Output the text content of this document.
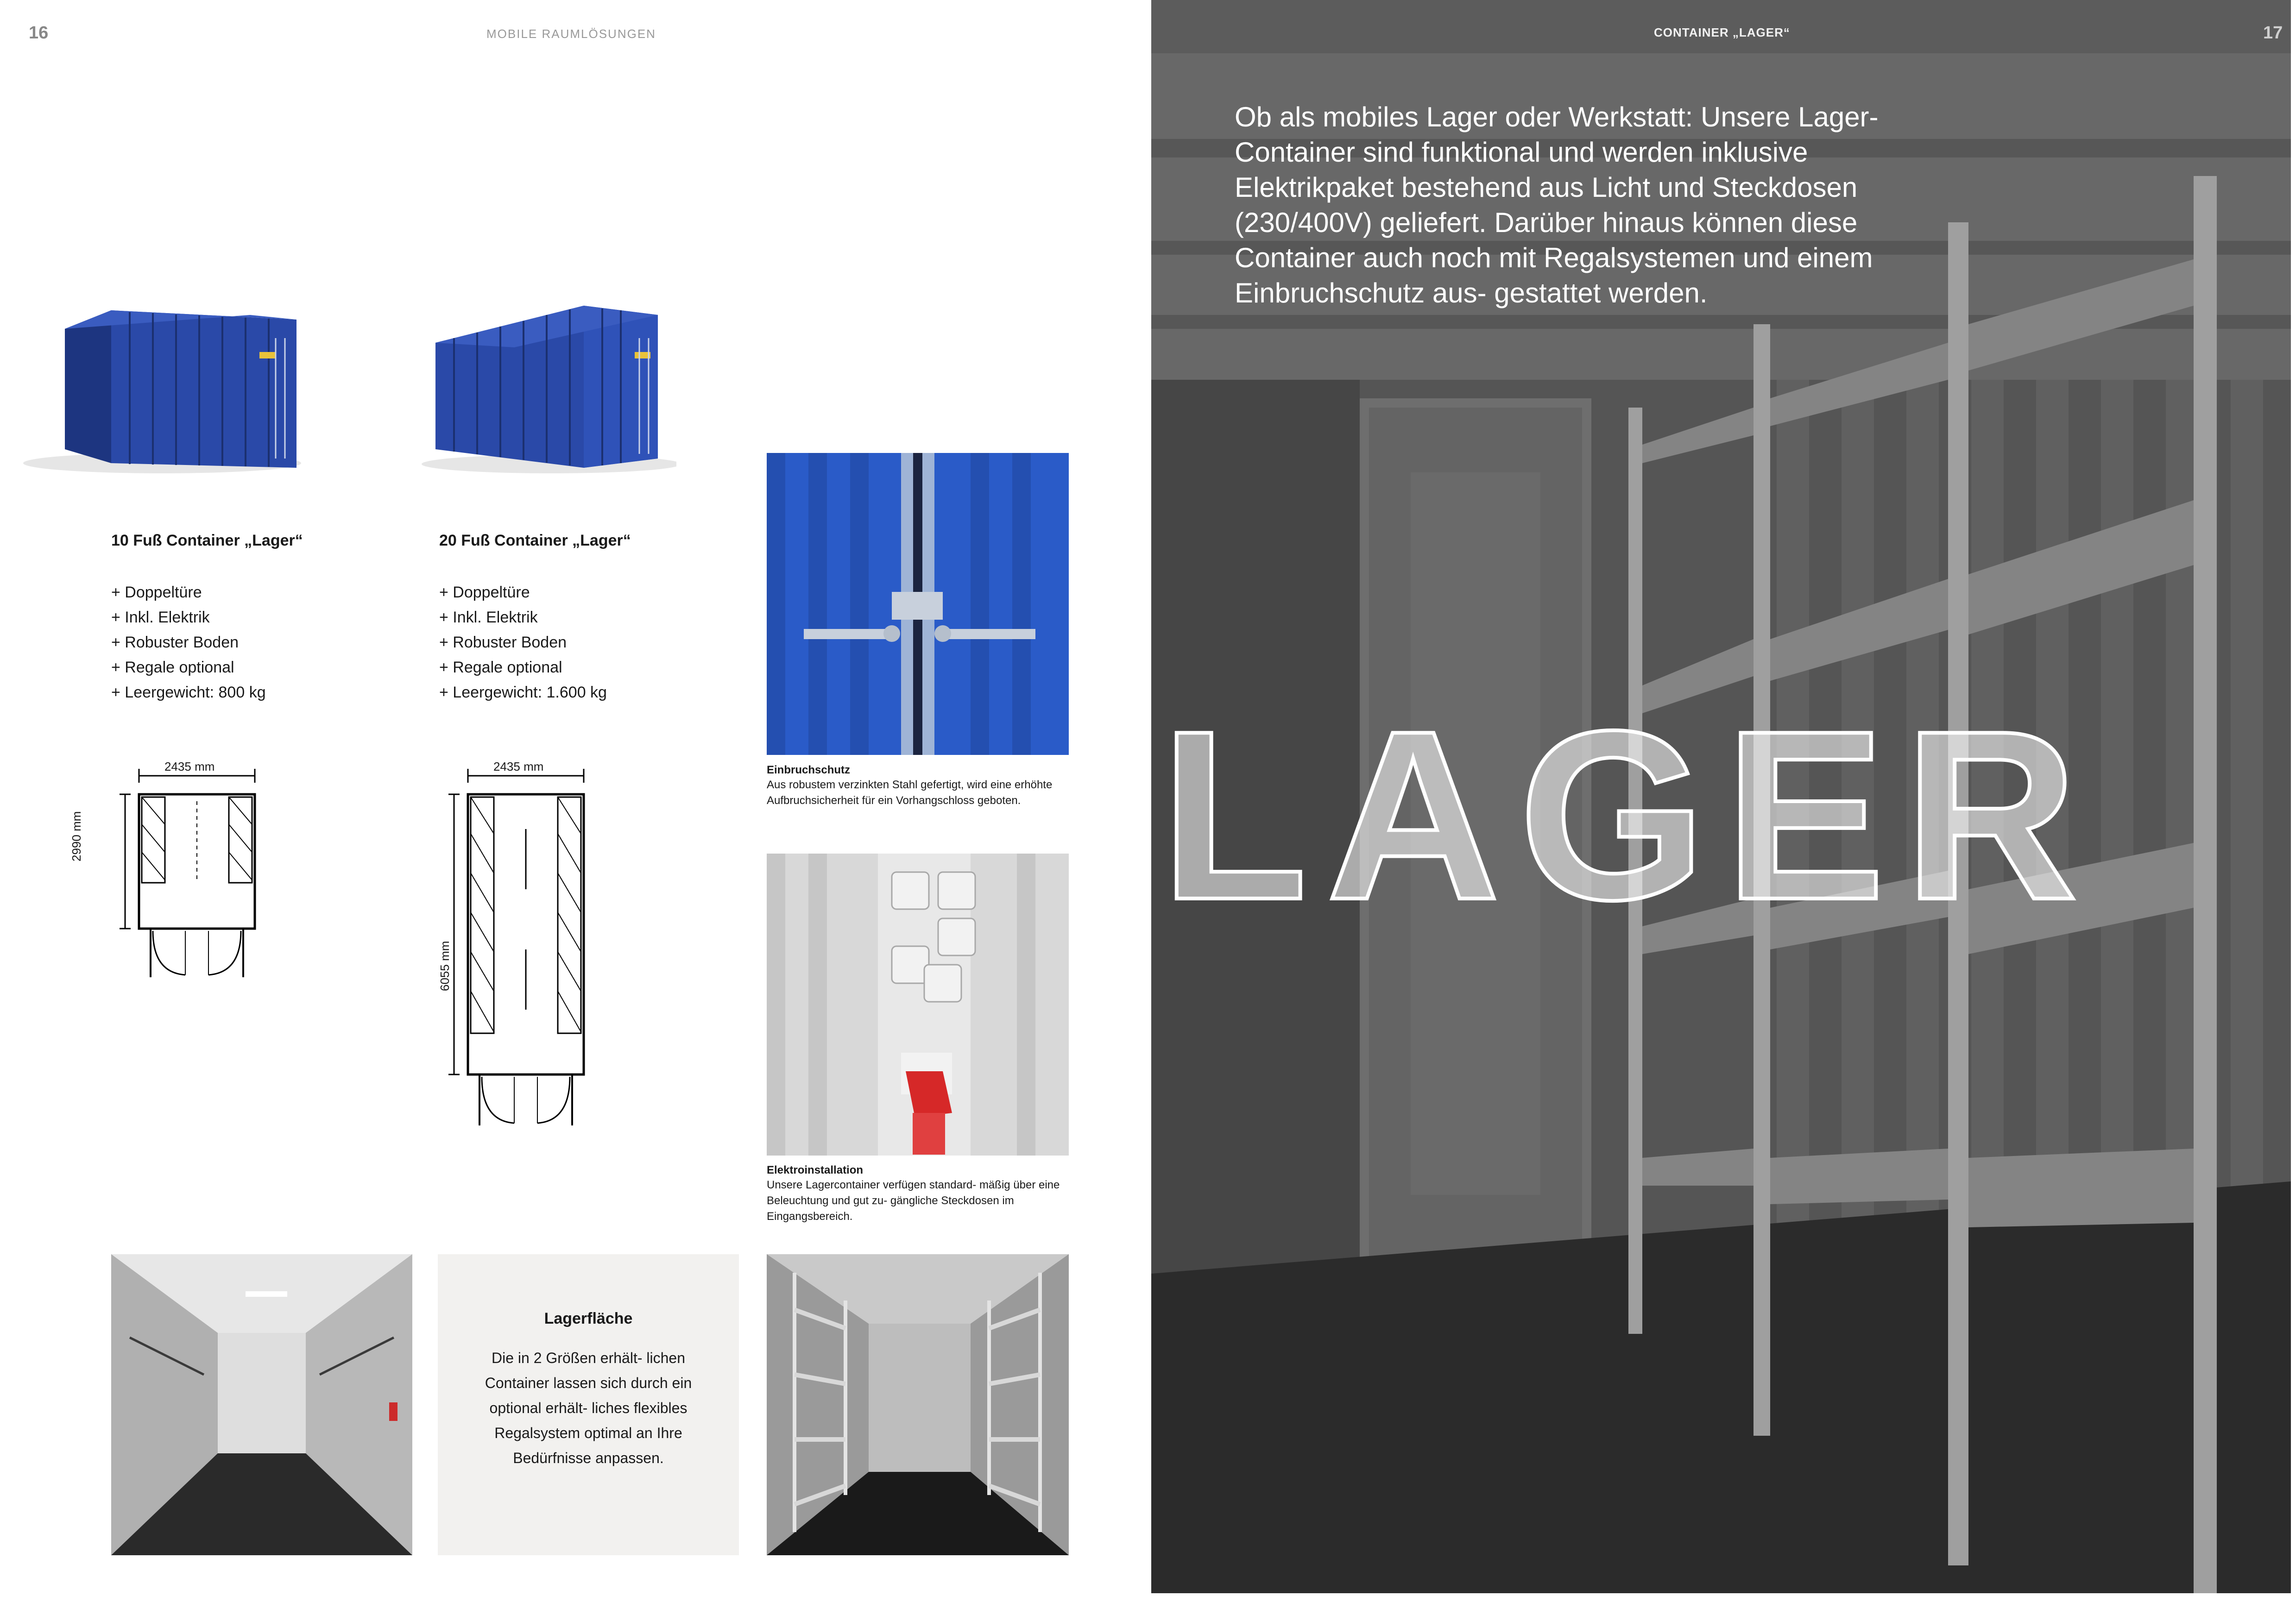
16	MOBILE RAUMLÖSUNGEN
10 Fuß Container „Lager“
+ Doppeltüre
+ Inkl. Elektrik
+ Robuster Boden
+ Regale optional
+ Leergewicht: 800 kg
20 Fuß Container „Lager“
+ Doppeltüre
+ Inkl. Elektrik
+ Robuster Boden
+ Regale optional
+ Leergewicht: 1.600 kg
2435 mm
2990 mm
2435 mm
6055 mm
Einbruchschutz
Aus robustem verzinkten Stahl gefertigt, wird eine erhöhte Aufbruchsicherheit für ein Vorhangschloss geboten.
Elektroinstallation
Unsere Lagercontainer verfügen standard- mäßig über eine Beleuchtung und gut zu- gängliche Steckdosen im Eingangsbereich.
Lagerfläche
Die in 2 Größen erhält- lichen Container lassen sich durch ein optional erhält- liches flexibles Regalsystem optimal an Ihre Bedürfnisse anpassen.
CONTAINER „LAGER“	17
Ob als mobiles Lager oder Werkstatt: Unsere Lager-Container sind funktional und werden inklusive Elektrikpaket bestehend aus Licht und Steckdosen (230/400V) geliefert. Darüber hinaus können diese Container auch noch mit Regalsystemen und einem Einbruchschutz aus- gestattet werden.
LAGER
